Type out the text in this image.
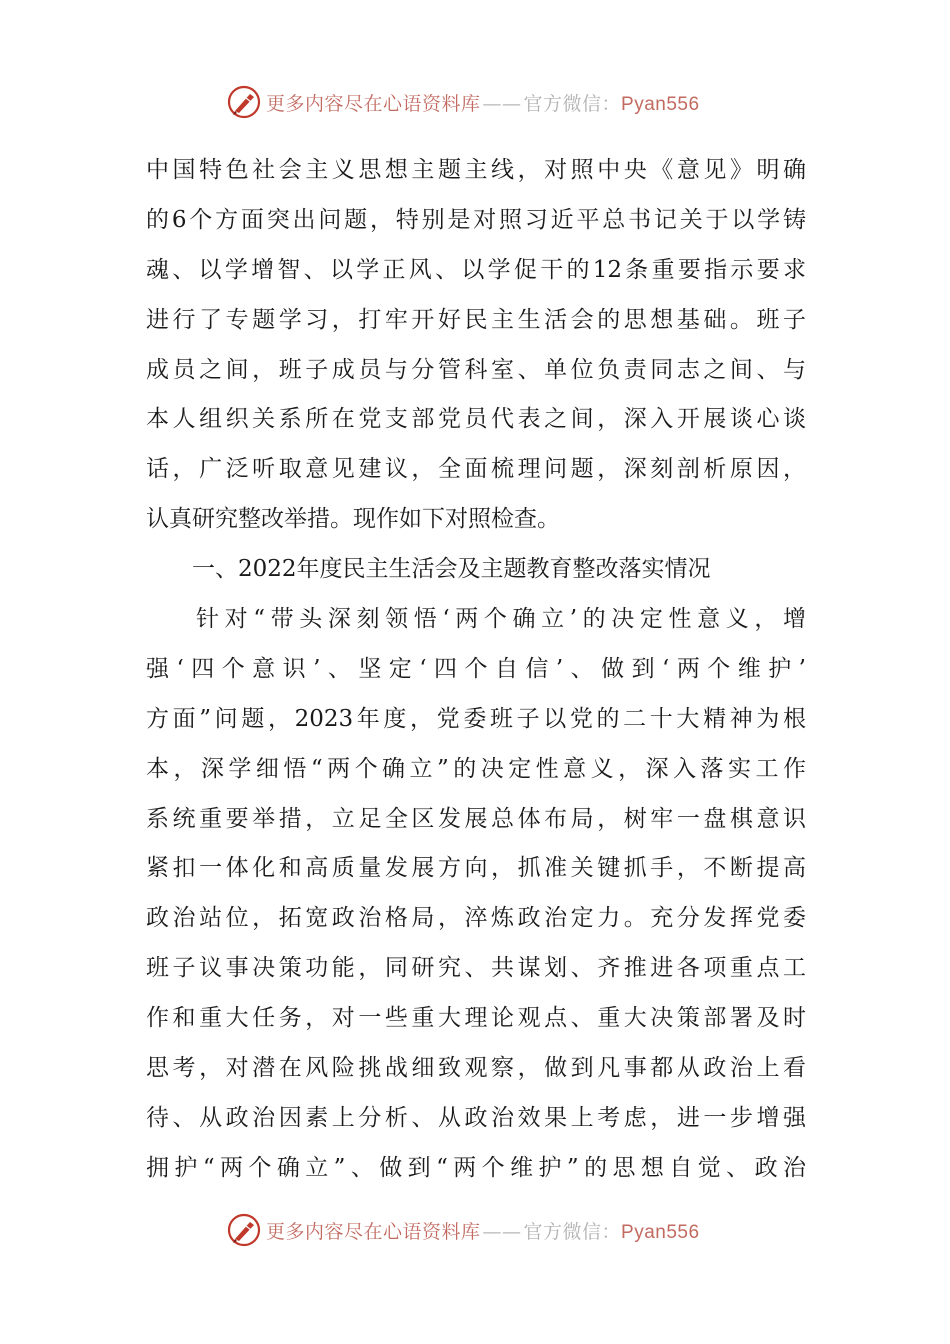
更多内容尽在心语资料库 —— 官方微信：Pyan556
中国特色社会主义思想主题主线，对照中央《意见》明确
的6个方面突出问题，特别是对照习近平总书记关于以学铸
魂、以学增智、以学正风、以学促干的12条重要指示要求
进行了专题学习，打牢开好民主生活会的思想基础。班子
成员之间，班子成员与分管科室、单位负责同志之间、与
本人组织关系所在党支部党员代表之间，深入开展谈心谈
话，广泛听取意见建议，全面梳理问题，深刻剖析原因，
认真研究整改举措。现作如下对照检查。
一、2022年度民主生活会及主题教育整改落实情况
针对“带头深刻领悟‘两个确立’的决定性意义，增
强‘四个意识’、坚定‘四个自信’、做到‘两个维护’
方面”问题，2023年度，党委班子以党的二十大精神为根
本，深学细悟“两个确立”的决定性意义，深入落实工作
系统重要举措，立足全区发展总体布局，树牢一盘棋意识
紧扣一体化和高质量发展方向，抓准关键抓手，不断提高
政治站位，拓宽政治格局，淬炼政治定力。充分发挥党委
班子议事决策功能，同研究、共谋划、齐推进各项重点工
作和重大任务，对一些重大理论观点、重大决策部署及时
思考，对潜在风险挑战细致观察，做到凡事都从政治上看
待、从政治因素上分析、从政治效果上考虑，进一步增强
拥护“两个确立”、做到“两个维护”的思想自觉、政治
更多内容尽在心语资料库 —— 官方微信：Pyan556
